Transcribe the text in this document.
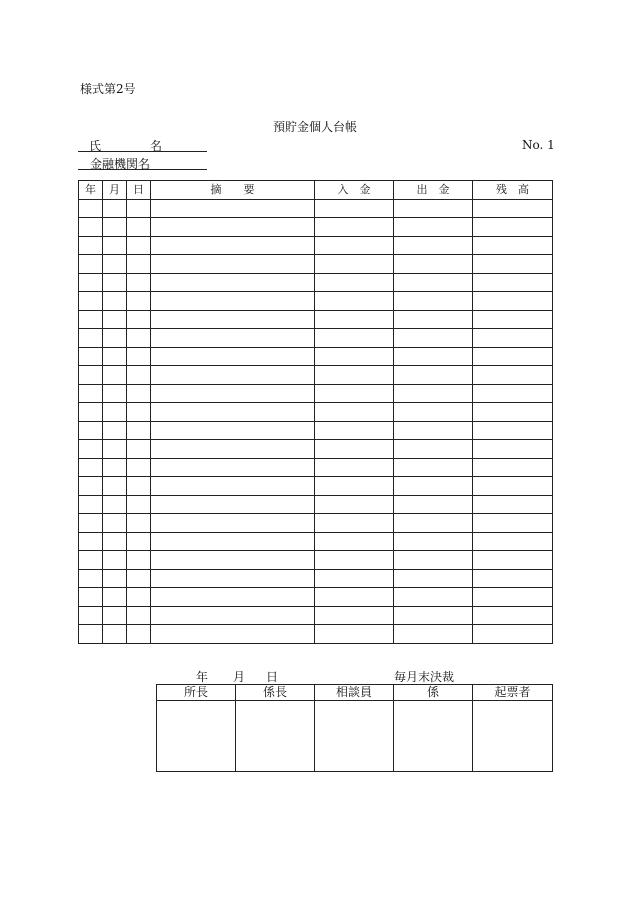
様式第2号
預貯金個人台帳
氏	名
金融機関名
No. 1
年	月	日	摘　　要	入　金	出　金	残　高

年 月 日	毎月末決裁
所長	係長	相談員	係	起票者
